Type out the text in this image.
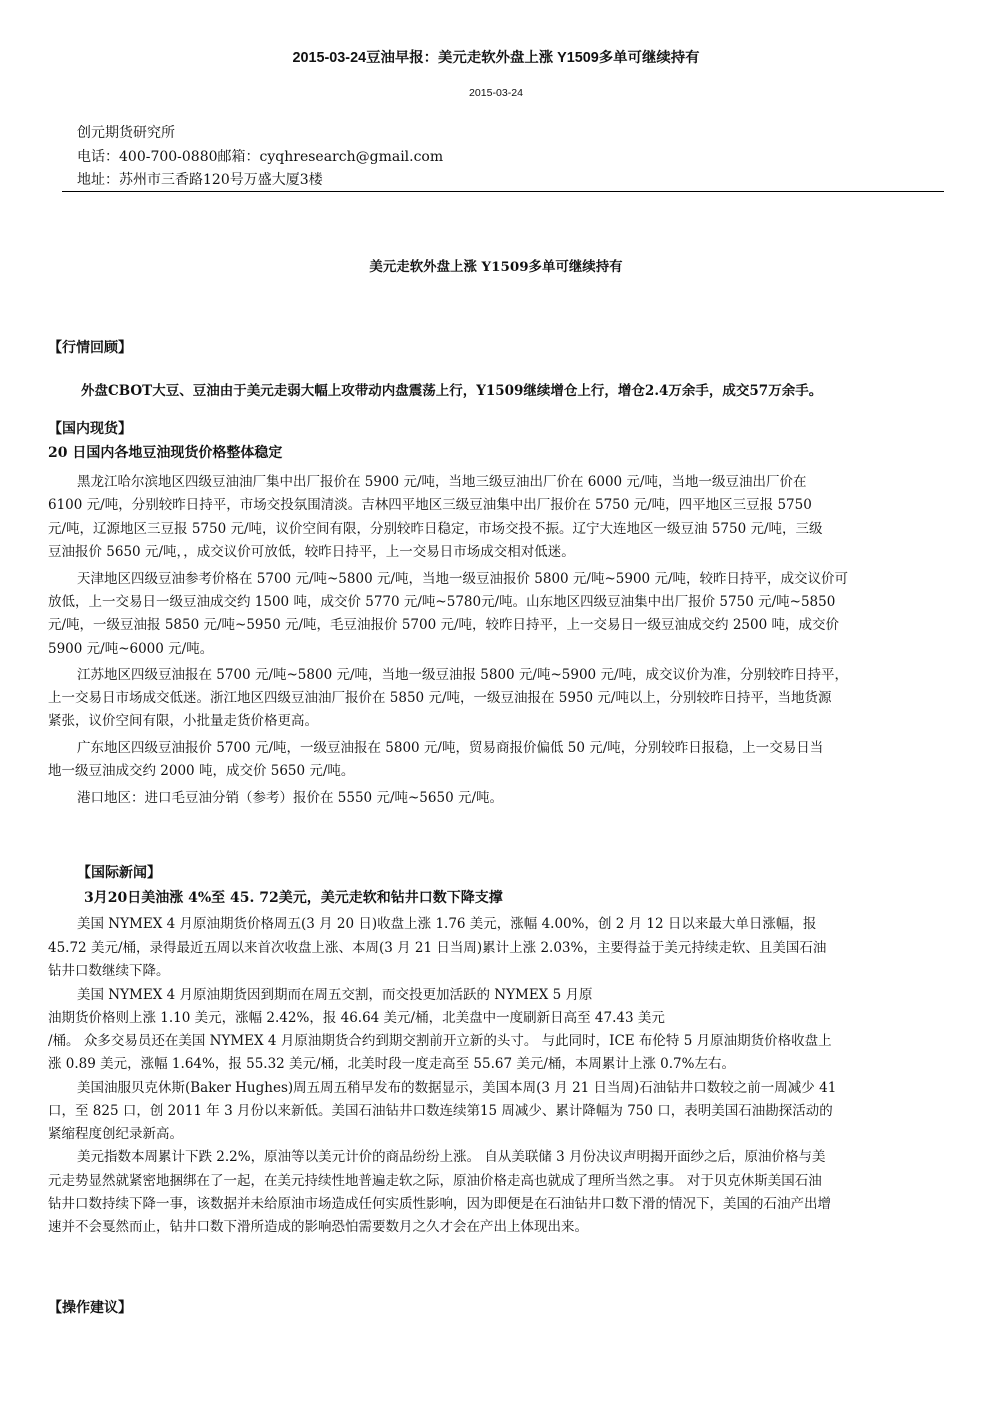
2015-03-24豆油早报：美元走软外盘上涨 Y1509多单可继续持有
2015-03-24
创元期货研究所
电话：400-700-0880邮箱：cyqhresearch@gmail.com
地址：苏州市三香路120号万盛大厦3楼
美元走软外盘上涨 Y1509多单可继续持有
【行情回顾】
外盘CBOT大豆、豆油由于美元走弱大幅上攻带动内盘震荡上行，Y1509继续增仓上行，增仓2.4万余手，成交57万余手。
【国内现货】
20 日国内各地豆油现货价格整体稳定
黑龙江哈尔滨地区四级豆油油厂集中出厂报价在 5900 元/吨，当地三级豆油出厂价在 6000 元/吨，当地一级豆油出厂价在
6100 元/吨，分别较昨日持平，市场交投氛围清淡。吉林四平地区三级豆油集中出厂报价在 5750 元/吨，四平地区三豆报 5750
元/吨，辽源地区三豆报 5750 元/吨，议价空间有限，分别较昨日稳定，市场交投不振。辽宁大连地区一级豆油 5750 元/吨，三级
豆油报价 5650 元/吨，，成交议价可放低，较昨日持平，上一交易日市场成交相对低迷。
天津地区四级豆油参考价格在 5700 元/吨~5800 元/吨，当地一级豆油报价 5800 元/吨~5900 元/吨，较昨日持平，成交议价可
放低，上一交易日一级豆油成交约 1500 吨，成交价 5770 元/吨~5780元/吨。山东地区四级豆油集中出厂报价 5750 元/吨~5850
元/吨，一级豆油报 5850 元/吨~5950 元/吨，毛豆油报价 5700 元/吨，较昨日持平，上一交易日一级豆油成交约 2500 吨，成交价
5900 元/吨~6000 元/吨。
江苏地区四级豆油报在 5700 元/吨~5800 元/吨，当地一级豆油报 5800 元/吨~5900 元/吨，成交议价为准，分别较昨日持平，
上一交易日市场成交低迷。浙江地区四级豆油油厂报价在 5850 元/吨，一级豆油报在 5950 元/吨以上，分别较昨日持平，当地货源
紧张，议价空间有限，小批量走货价格更高。
广东地区四级豆油报价 5700 元/吨，一级豆油报在 5800 元/吨，贸易商报价偏低 50 元/吨，分别较昨日报稳，上一交易日当
地一级豆油成交约 2000 吨，成交价 5650 元/吨。
港口地区：进口毛豆油分销（参考）报价在 5550 元/吨~5650 元/吨。
【国际新闻】
3月20日美油涨 4%至 45. 72美元，美元走软和钻井口数下降支撑
美国 NYMEX 4 月原油期货价格周五(3 月 20 日)收盘上涨 1.76 美元，涨幅 4.00%，创 2 月 12 日以来最大单日涨幅，报
45.72 美元/桶，录得最近五周以来首次收盘上涨、本周(3 月 21 日当周)累计上涨 2.03%，主要得益于美元持续走软、且美国石油
钻井口数继续下降。
美国 NYMEX 4 月原油期货因到期而在周五交割，而交投更加活跃的 NYMEX 5 月原
油期货价格则上涨 1.10 美元，涨幅 2.42%，报 46.64 美元/桶，北美盘中一度刷新日高至 47.43 美元
/桶。 众多交易员还在美国 NYMEX 4 月原油期货合约到期交割前开立新的头寸。 与此同时，ICE 布伦特 5 月原油期货价格收盘上
涨 0.89 美元，涨幅 1.64%，报 55.32 美元/桶，北美时段一度走高至 55.67 美元/桶，本周累计上涨 0.7%左右。
美国油服贝克休斯(Baker Hughes)周五周五稍早发布的数据显示，美国本周(3 月 21 日当周)石油钻井口数较之前一周减少 41
口，至 825 口，创 2011 年 3 月份以来新低。美国石油钻井口数连续第15 周减少、累计降幅为 750 口，表明美国石油勘探活动的
紧缩程度创纪录新高。
美元指数本周累计下跌 2.2%，原油等以美元计价的商品纷纷上涨。 自从美联储 3 月份决议声明揭开面纱之后，原油价格与美
元走势显然就紧密地捆绑在了一起，在美元持续性地普遍走软之际，原油价格走高也就成了理所当然之事。 对于贝克休斯美国石油
钻井口数持续下降一事，该数据并未给原油市场造成任何实质性影响，因为即便是在石油钻井口数下滑的情况下，美国的石油产出增
速并不会戛然而止，钻井口数下滑所造成的影响恐怕需要数月之久才会在产出上体现出来。
【操作建议】
